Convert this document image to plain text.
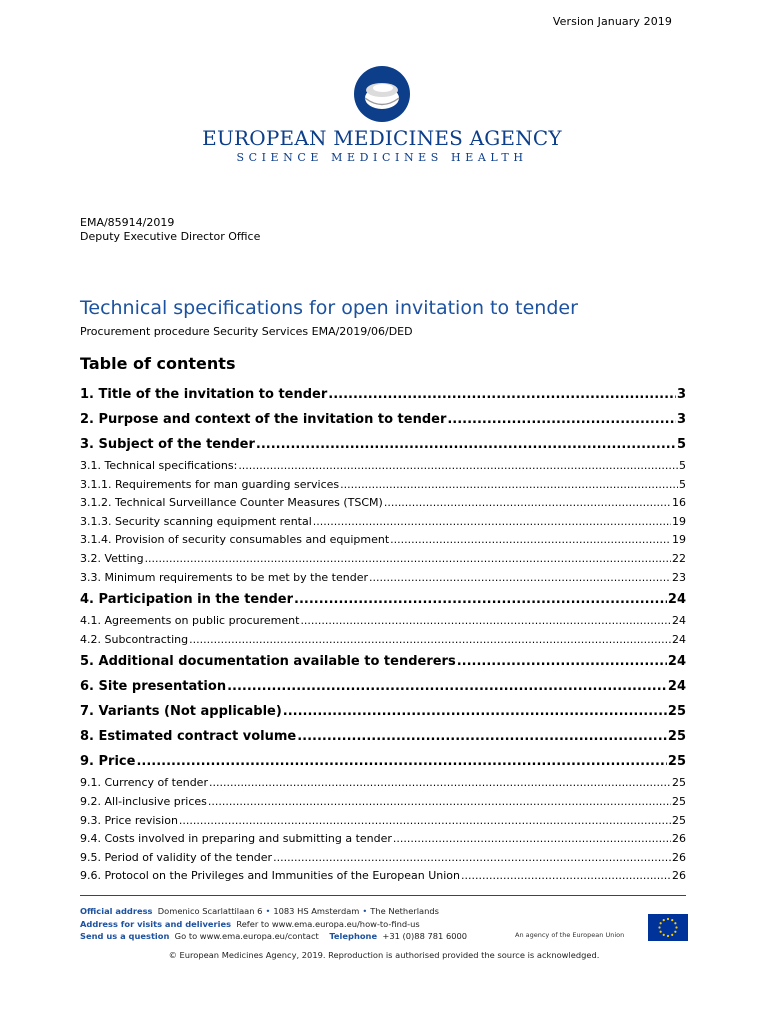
Version January 2019
EUROPEAN MEDICINES AGENCY
SCIENCE MEDICINES HEALTH
EMA/85914/2019
Deputy Executive Director Office
Technical specifications for open invitation to tender
Procurement procedure Security Services EMA/2019/06/DED
Table of contents
1. Title of the invitation to tender .....	3
2. Purpose and context of the invitation to tender .....	3
3. Subject of the tender .....	5
3.1. Technical specifications: .....	5
3.1.1. Requirements for man guarding services .....	5
3.1.2. Technical Surveillance Counter Measures (TSCM) .....	16
3.1.3. Security scanning equipment rental .....	19
3.1.4. Provision of security consumables and equipment .....	19
3.2. Vetting .....	22
3.3. Minimum requirements to be met by the tender .....	23
4. Participation in the tender .....	24
4.1. Agreements on public procurement .....	24
4.2. Subcontracting .....	24
5. Additional documentation available to tenderers .....	24
6. Site presentation .....	24
7. Variants (Not applicable) .....	25
8. Estimated contract volume .....	25
9. Price .....	25
9.1. Currency of tender .....	25
9.2. All-inclusive prices .....	25
9.3. Price revision .....	25
9.4. Costs involved in preparing and submitting a tender .....	26
9.5. Period of validity of the tender .....	26
9.6. Protocol on the Privileges and Immunities of the European Union .....	26
Official address Domenico Scarlattilaan 6 • 1083 HS Amsterdam • The Netherlands
Address for visits and deliveries Refer to www.ema.europa.eu/how-to-find-us
Send us a question Go to www.ema.europa.eu/contact Telephone +31 (0)88 781 6000	An agency of the European Union
© European Medicines Agency, 2019. Reproduction is authorised provided the source is acknowledged.
